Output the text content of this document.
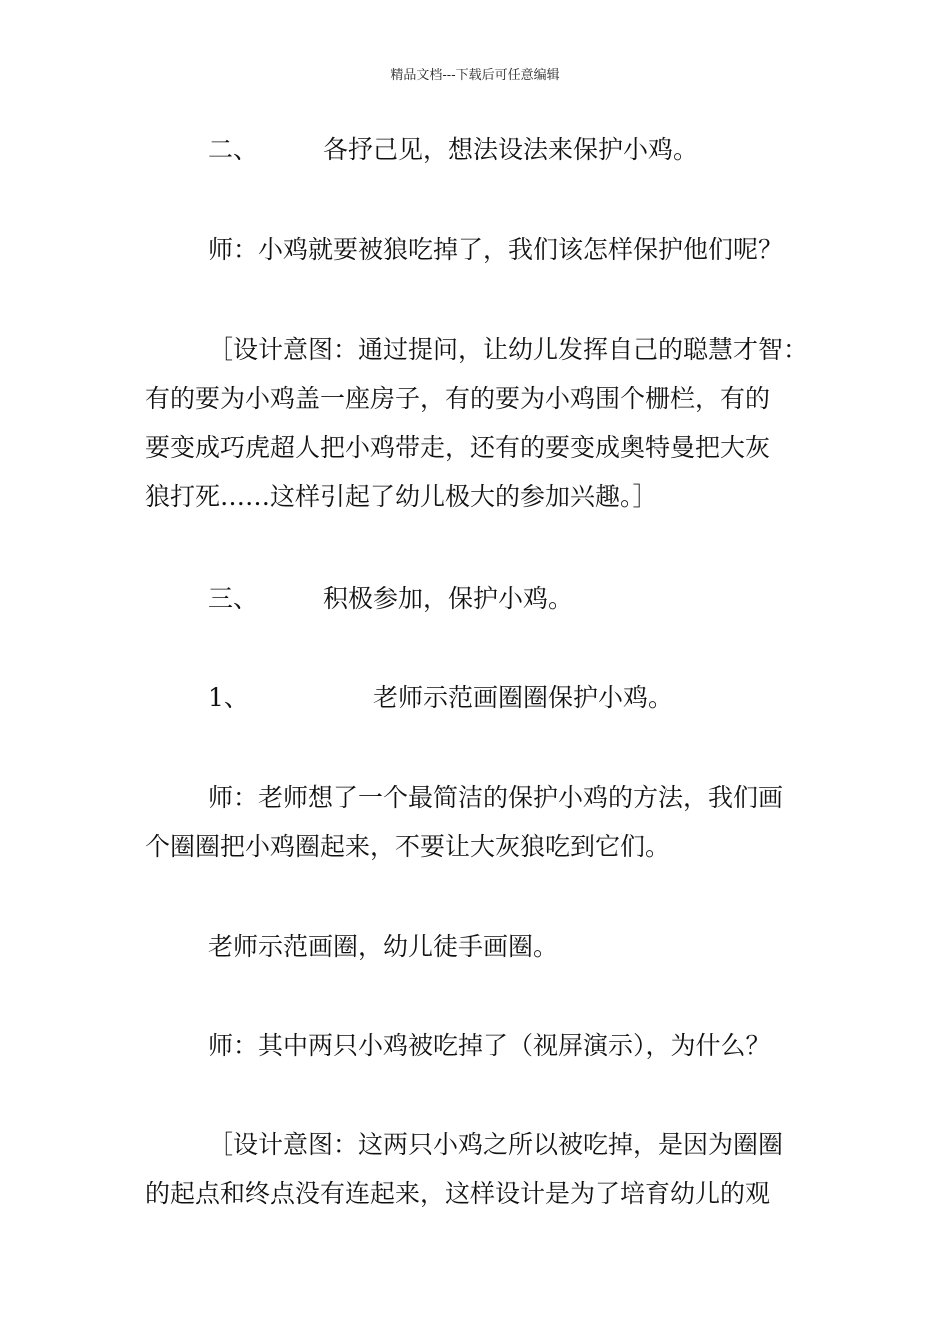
精品文档---下载后可任意编辑
二、	各抒己见，想法设法来保护小鸡。
师：小鸡就要被狼吃掉了，我们该怎样保护他们呢？
［设计意图：通过提问，让幼儿发挥自己的聪慧才智：
有的要为小鸡盖一座房子，有的要为小鸡围个栅栏，有的
要变成巧虎超人把小鸡带走，还有的要变成奥特曼把大灰
狼打死……这样引起了幼儿极大的参加兴趣。］
三、	积极参加，保护小鸡。
1、	老师示范画圈圈保护小鸡。
师：老师想了一个最简洁的保护小鸡的方法，我们画
个圈圈把小鸡圈起来，不要让大灰狼吃到它们。
老师示范画圈，幼儿徒手画圈。
师：其中两只小鸡被吃掉了（视屏演示），为什么？
［设计意图：这两只小鸡之所以被吃掉，是因为圈圈
的起点和终点没有连起来，这样设计是为了培育幼儿的观
